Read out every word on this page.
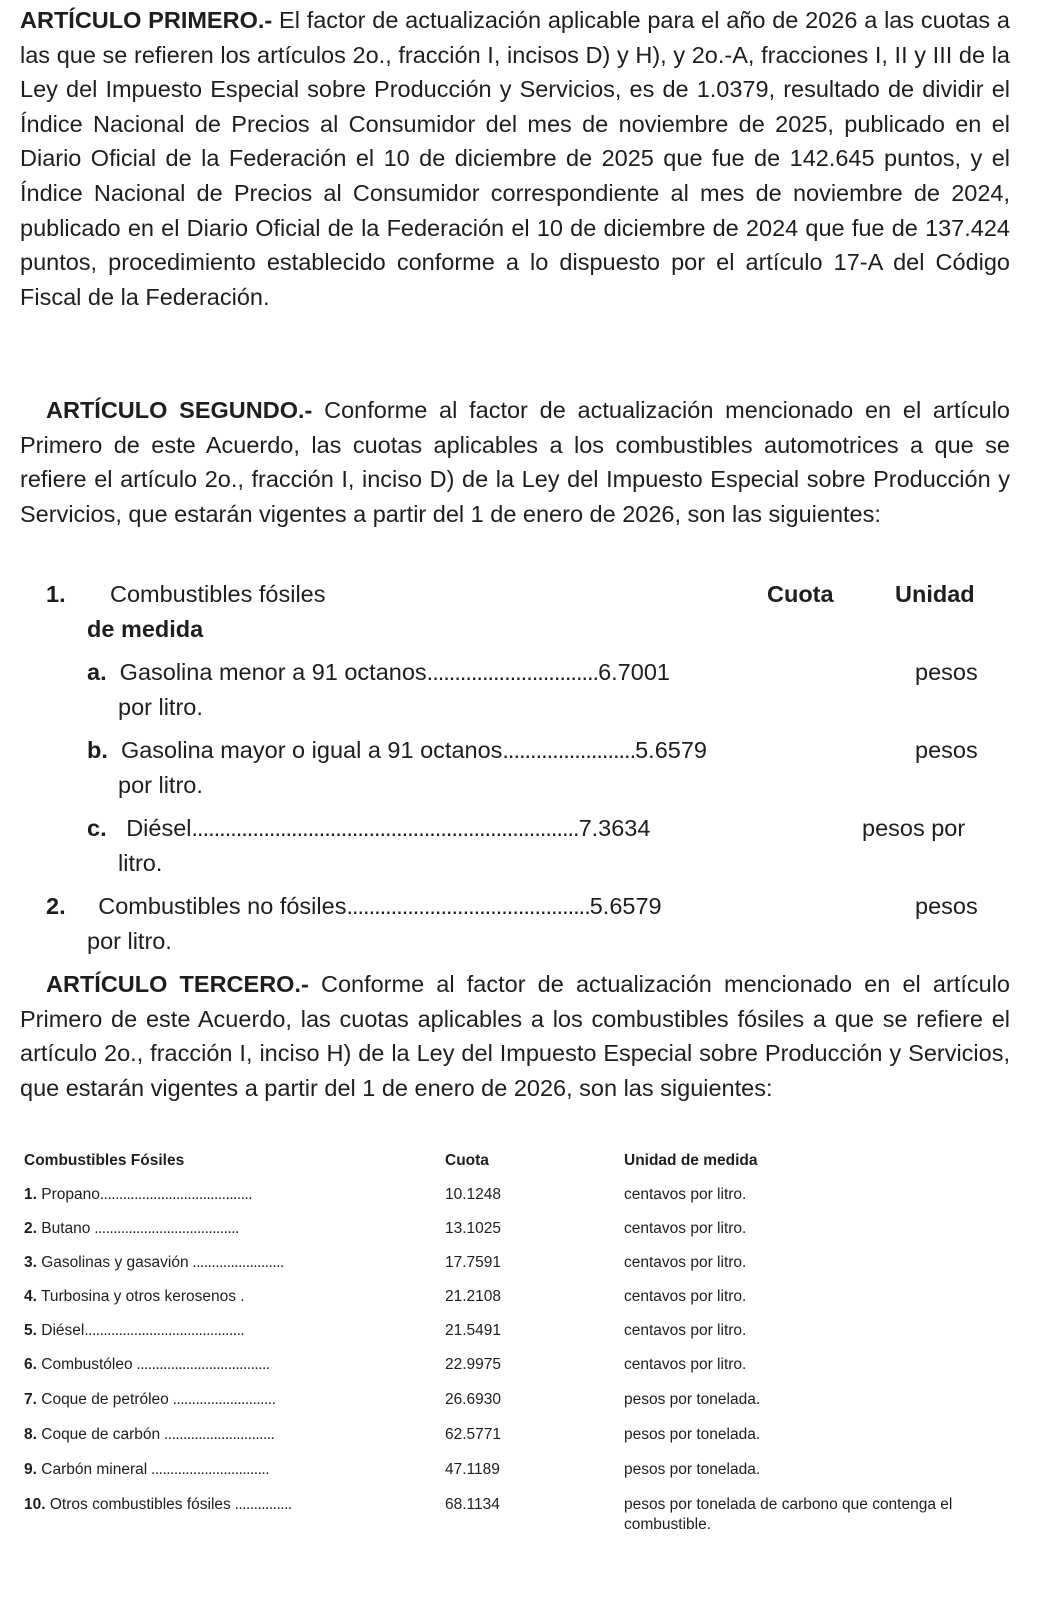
ARTÍCULO PRIMERO.- El factor de actualización aplicable para el año de 2026 a las cuotas a las que se refieren los artículos 2o., fracción I, incisos D) y H), y 2o.-A, fracciones I, II y III de la Ley del Impuesto Especial sobre Producción y Servicios, es de 1.0379, resultado de dividir el Índice Nacional de Precios al Consumidor del mes de noviembre de 2025, publicado en el Diario Oficial de la Federación el 10 de diciembre de 2025 que fue de 142.645 puntos, y el Índice Nacional de Precios al Consumidor correspondiente al mes de noviembre de 2024, publicado en el Diario Oficial de la Federación el 10 de diciembre de 2024 que fue de 137.424 puntos, procedimiento establecido conforme a lo dispuesto por el artículo 17-A del Código Fiscal de la Federación.

ARTÍCULO SEGUNDO.- Conforme al factor de actualización mencionado en el artículo Primero de este Acuerdo, las cuotas aplicables a los combustibles automotrices a que se refiere el artículo 2o., fracción I, inciso D) de la Ley del Impuesto Especial sobre Producción y Servicios, que estarán vigentes a partir del 1 de enero de 2026, son las siguientes:

1. Combustibles fósiles	Cuota	Unidad
de medida
a. Gasolina menor a 91 octanos...............................6.7001	pesos
por litro.
b. Gasolina mayor o igual a 91 octanos........................5.6579	pesos
por litro.
c. Diésel......................................................................7.3634	pesos por
litro.
2. Combustibles no fósiles............................................5.6579	pesos
por litro.

ARTÍCULO TERCERO.- Conforme al factor de actualización mencionado en el artículo Primero de este Acuerdo, las cuotas aplicables a los combustibles fósiles a que se refiere el artículo 2o., fracción I, inciso H) de la Ley del Impuesto Especial sobre Producción y Servicios, que estarán vigentes a partir del 1 de enero de 2026, son las siguientes:

Combustibles Fósiles	Cuota	Unidad de medida
1. Propano........................................	10.1248	centavos por litro.
2. Butano ......................................	13.1025	centavos por litro.
3. Gasolinas y gasavión ........................	17.7591	centavos por litro.
4. Turbosina y otros kerosenos .	21.2108	centavos por litro.
5. Diésel..........................................	21.5491	centavos por litro.
6. Combustóleo ...................................	22.9975	centavos por litro.
7. Coque de petróleo ...........................	26.6930	pesos por tonelada.
8. Coque de carbón .............................	62.5771	pesos por tonelada.
9. Carbón mineral ...............................	47.1189	pesos por tonelada.
10. Otros combustibles fósiles ...............	68.1134	pesos por tonelada de carbono que contenga el
combustible.
